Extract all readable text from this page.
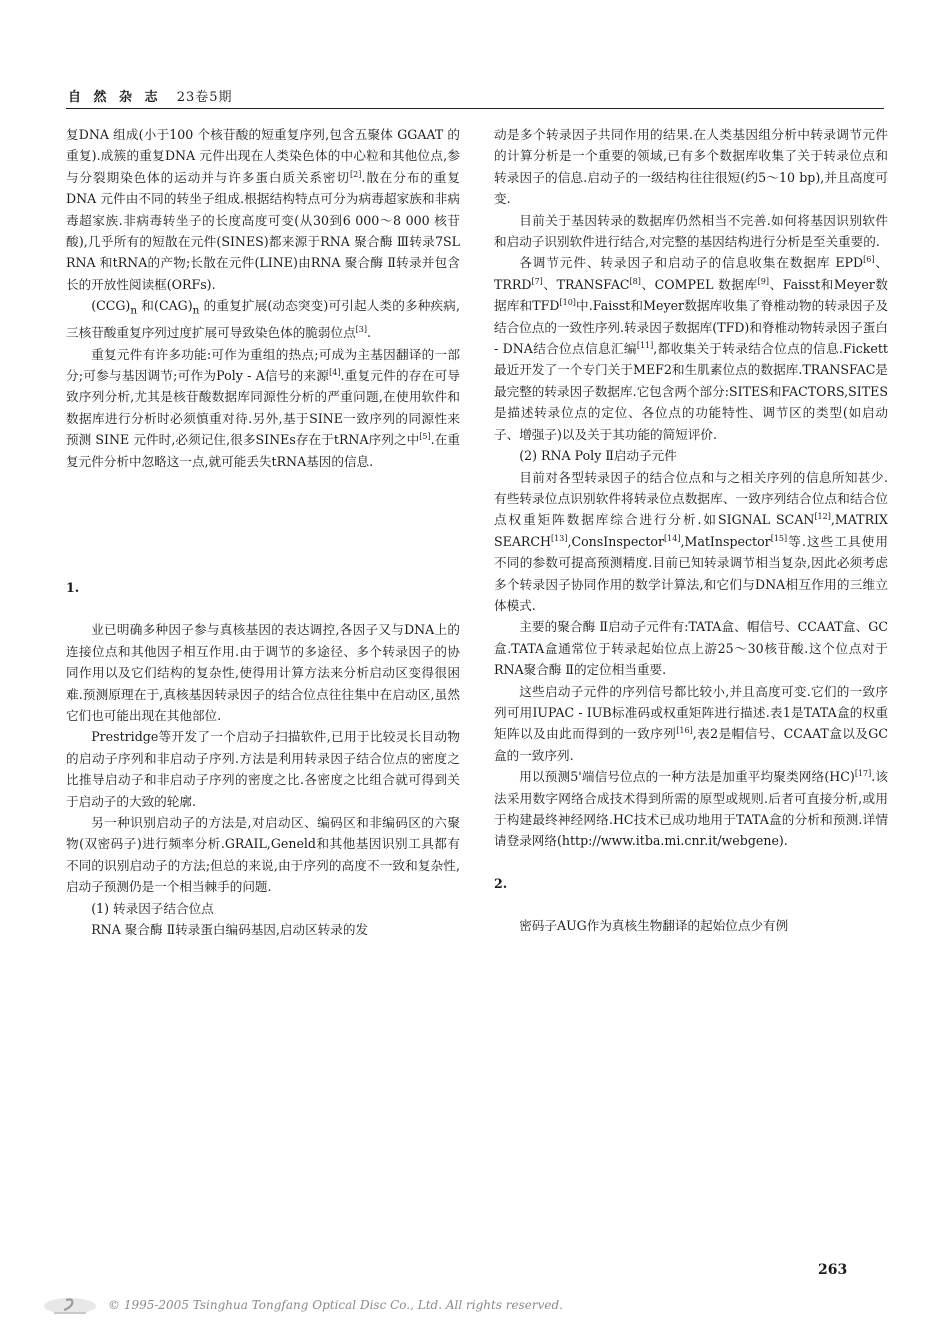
自 然 杂 志 23卷5期

复DNA 组成(小于100 个核苷酸的短重复序列,包含五聚体 GGAAT 的重复).成簇的重复DNA 元件出现在人类染色体的中心粒和其他位点,参与分裂期染色体的运动并与许多蛋白质关系密切[2].散在分布的重复DNA 元件由不同的转坐子组成.根据结构特点可分为病毒超家族和非病毒超家族.非病毒转坐子的长度高度可变(从30到6 000～8 000 核苷酸),几乎所有的短散在元件(SINES)都来源于RNA 聚合酶 Ⅲ转录7SL RNA 和tRNA的产物;长散在元件(LINE)由RNA 聚合酶 Ⅱ转录并包含长的开放性阅读框(ORFs).

$(CCG)_n$ 和$(CAG)_n$ 的重复扩展(动态突变)可引起人类的多种疾病,三核苷酸重复序列过度扩展可导致染色体的脆弱位点[3].

重复元件有许多功能:可作为重组的热点;可成为主基因翻译的一部分;可参与基因调节;可作为Poly - A信号的来源[4].重复元件的存在可导致序列分析,尤其是核苷酸数据库同源性分析的严重问题,在使用软件和数据库进行分析时必须慎重对待.另外,基于SINE一致序列的同源性来预测 SINE 元件时,必须记住,很多SINEs存在于tRNA序列之中[5].在重复元件分析中忽略这一点,就可能丢失tRNA基因的信息.

1.

业已明确多种因子参与真核基因的表达调控,各因子又与DNA上的连接位点和其他因子相互作用.由于调节的多途径、多个转录因子的协同作用以及它们结构的复杂性,使得用计算方法来分析启动区变得很困难.预测原理在于,真核基因转录因子的结合位点往往集中在启动区,虽然它们也可能出现在其他部位.

Prestridge等开发了一个启动子扫描软件,已用于比较灵长目动物的启动子序列和非启动子序列.方法是利用转录因子结合位点的密度之比推导启动子和非启动子序列的密度之比.各密度之比组合就可得到关于启动子的大致的轮廓.

另一种识别启动子的方法是,对启动区、编码区和非编码区的六聚物(双密码子)进行频率分析.GRAIL,Geneld和其他基因识别工具都有不同的识别启动子的方法;但总的来说,由于序列的高度不一致和复杂性,启动子预测仍是一个相当棘手的问题.

(1) 转录因子结合位点

RNA 聚合酶 Ⅱ转录蛋白编码基因,启动区转录的发

动是多个转录因子共同作用的结果.在人类基因组分析中转录调节元件的计算分析是一个重要的领域,已有多个数据库收集了关于转录位点和转录因子的信息.启动子的一级结构往往很短(约5～10 bp),并且高度可变.

目前关于基因转录的数据库仍然相当不完善.如何将基因识别软件和启动子识别软件进行结合,对完整的基因结构进行分析是至关重要的.

各调节元件、转录因子和启动子的信息收集在数据库 EPD[6]、TRRD[7]、TRANSFAC[8]、COMPEL 数据库[9]、Faisst和Meyer数据库和TFD[10]中.Faisst和Meyer数据库收集了脊椎动物的转录因子及结合位点的一致性序列.转录因子数据库(TFD)和脊椎动物转录因子蛋白 - DNA结合位点信息汇编[11],都收集关于转录结合位点的信息.Fickett最近开发了一个专门关于MEF2和生肌素位点的数据库.TRANSFAC是最完整的转录因子数据库.它包含两个部分:SITES和FACTORS,SITES是描述转录位点的定位、各位点的功能特性、调节区的类型(如启动子、增强子)以及关于其功能的简短评价.

(2) RNA Poly Ⅱ启动子元件

目前对各型转录因子的结合位点和与之相关序列的信息所知甚少.有些转录位点识别软件将转录位点数据库、一致序列结合位点和结合位点权重矩阵数据库综合进行分析.如SIGNAL SCAN[12],MATRIX SEARCH[13],ConsInspector[14],MatInspector[15]等.这些工具使用不同的参数可提高预测精度.目前已知转录调节相当复杂,因此必须考虑多个转录因子协同作用的数学计算法,和它们与DNA相互作用的三维立体模式.

主要的聚合酶 Ⅱ启动子元件有:TATA盒、帽信号、CCAAT盒、GC盒.TATA盒通常位于转录起始位点上游25～30核苷酸.这个位点对于RNA聚合酶 Ⅱ的定位相当重要.

这些启动子元件的序列信号都比较小,并且高度可变.它们的一致序列可用IUPAC - IUB标准码或权重矩阵进行描述.表1是TATA盒的权重矩阵以及由此而得到的一致序列[16],表2是帽信号、CCAAT盒以及GC盒的一致序列.

用以预测5'端信号位点的一种方法是加重平均聚类网络(HC)[17].该法采用数字网络合成技术得到所需的原型或规则.后者可直接分析,或用于构建最终神经网络.HC技术已成功地用于TATA盒的分析和预测.详情请登录网络(http://www.itba.mi.cnr.it/webgene).

2.

密码子AUG作为真核生物翻译的起始位点少有例

263
© 1995-2005 Tsinghua Tongfang Optical Disc Co., Ltd. All rights reserved.
